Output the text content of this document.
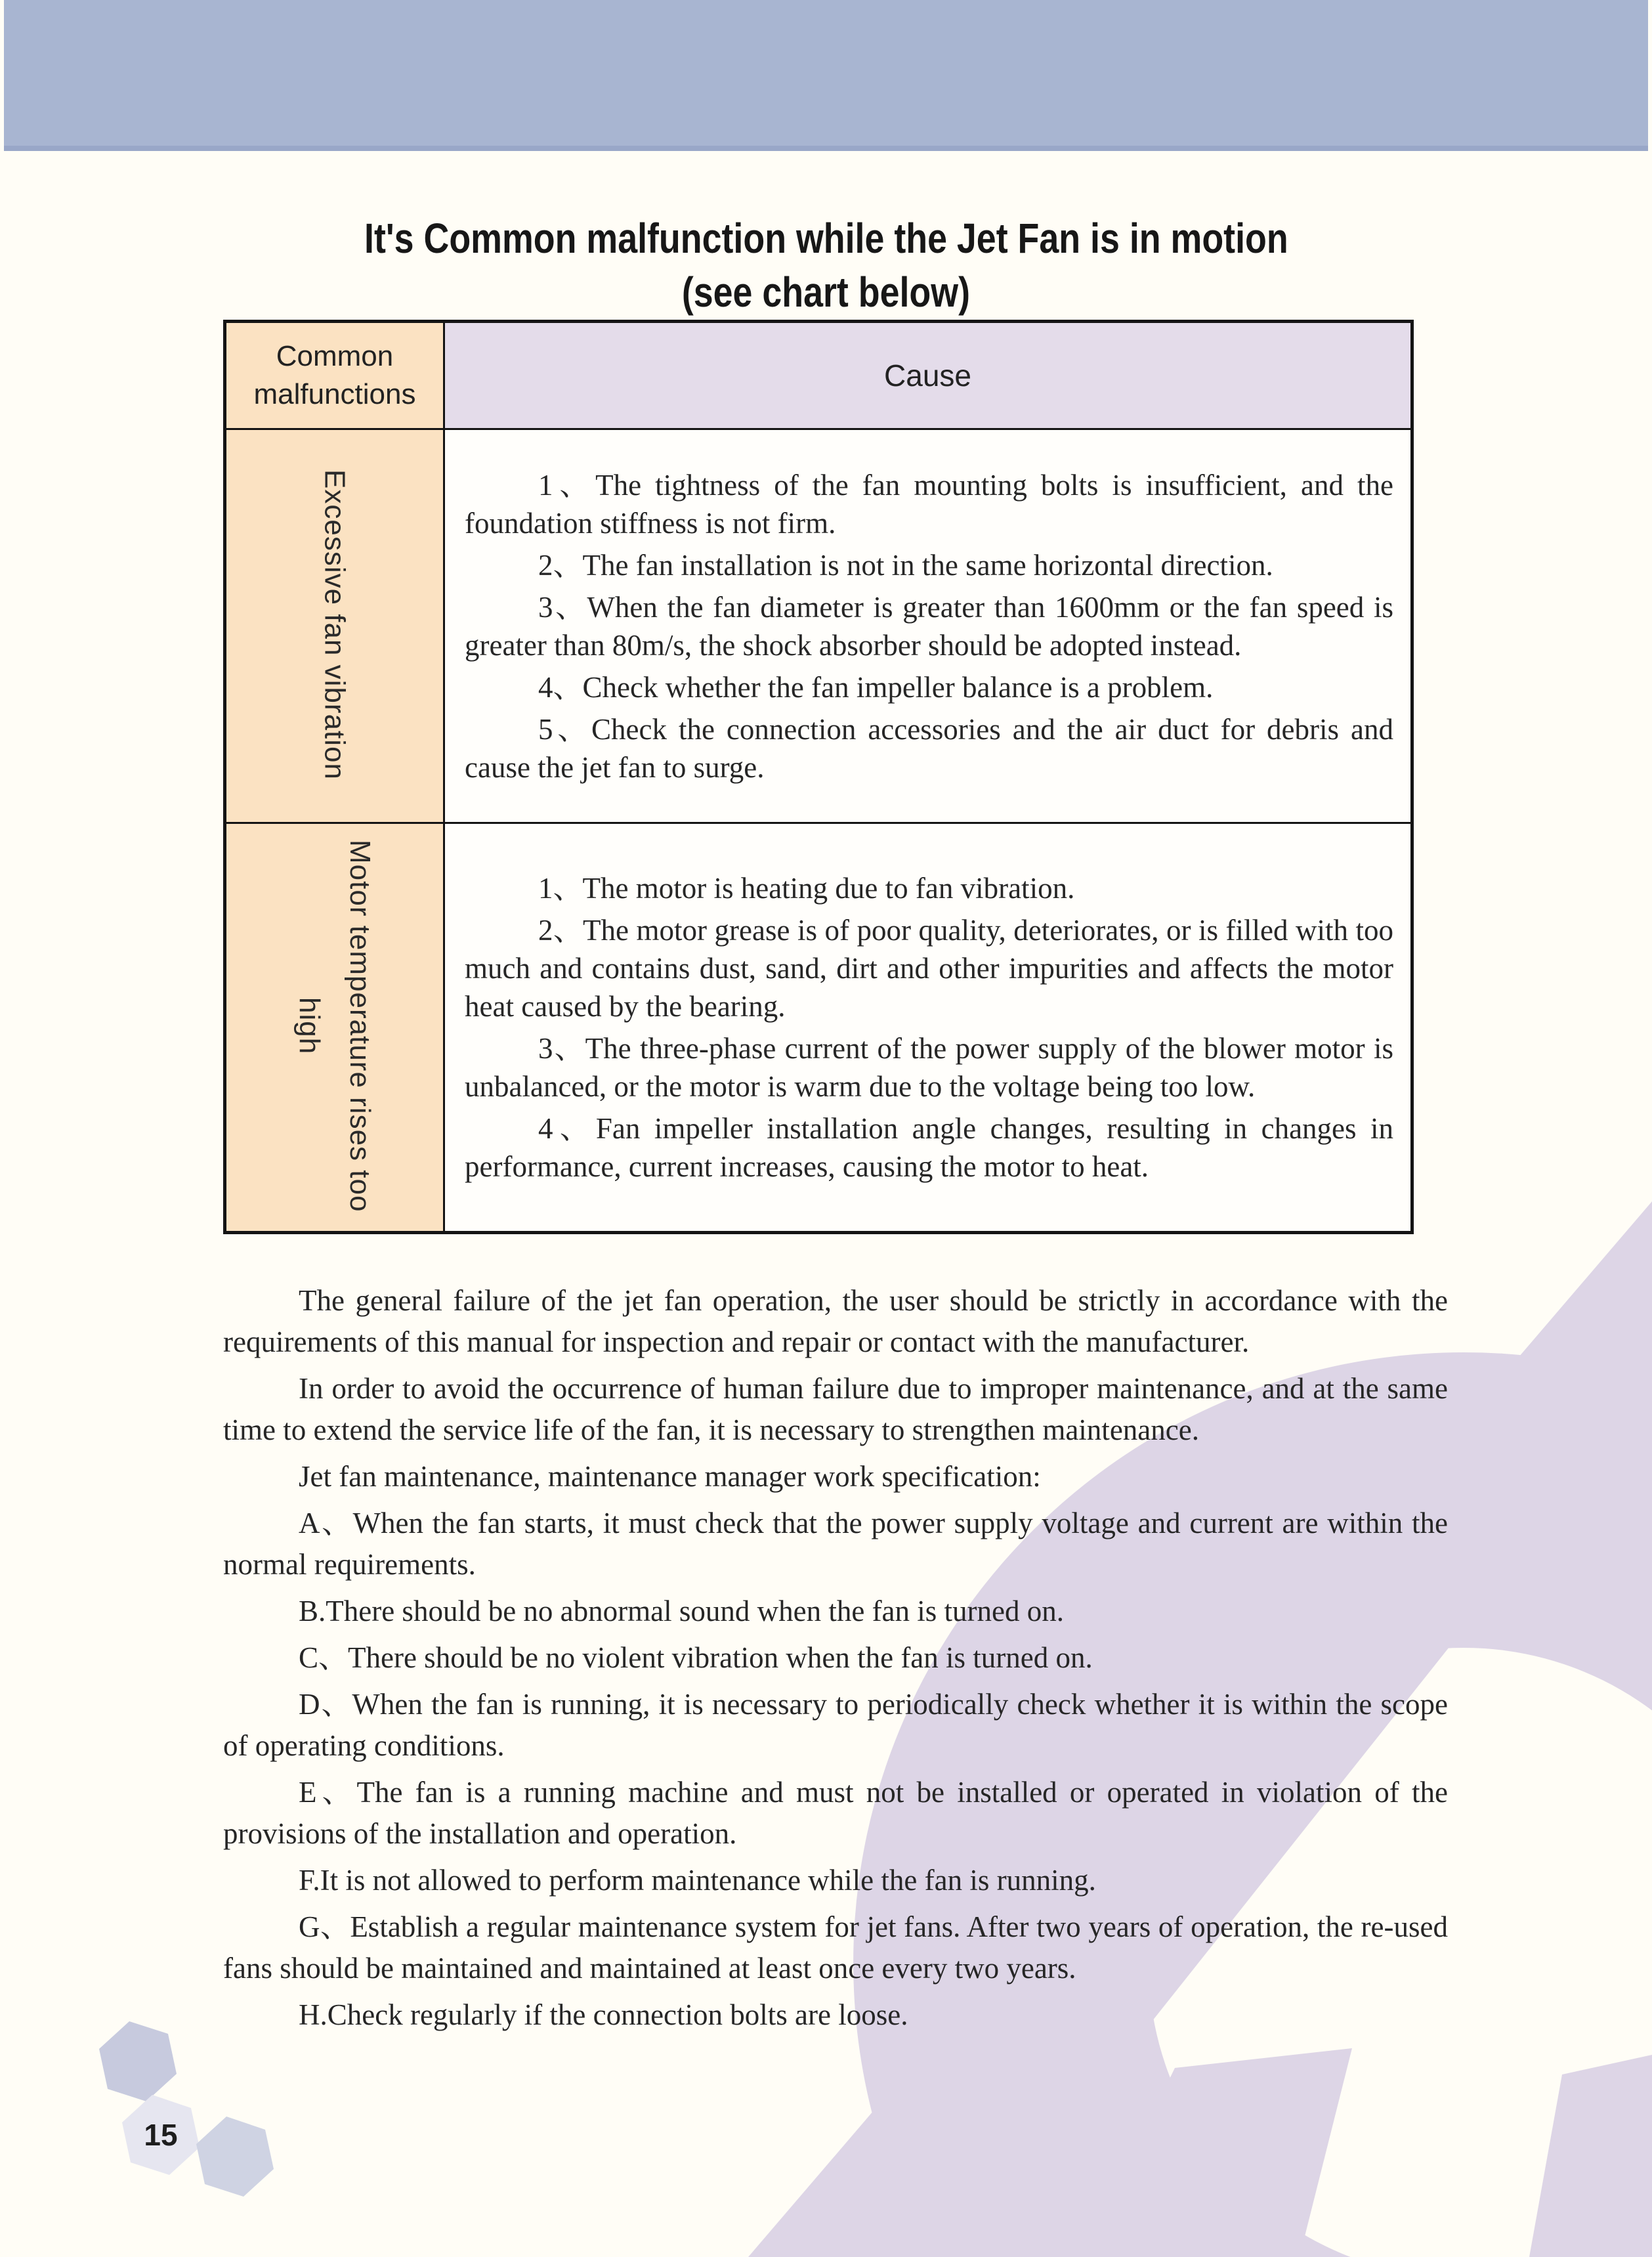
15
It's Common malfunction while the Jet Fan is in motion
(see chart below)
Common malfunctions	Cause
Excessive fan vibration	1、The tightness of the fan mounting bolts is insufficient, and the foundation stiffness is not firm.

2、The fan installation is not in the same horizontal direction.

3、When the fan diameter is greater than 1600mm or the fan speed is greater than 80m/s, the shock absorber should be adopted instead.

4、Check whether the fan impeller balance is a problem.

5、Check the connection accessories and the air duct for debris and cause the jet fan to surge.

Motor temperature rises too high	1、The motor is heating due to fan vibration.

2、The motor grease is of poor quality, deteriorates, or is filled with too much and contains dust, sand, dirt and other impurities and affects the motor heat caused by the bearing.

3、The three-phase current of the power supply of the blower motor is unbalanced, or the motor is warm due to the voltage being too low.

4、Fan impeller installation angle changes, resulting in changes in performance, current increases, causing the motor to heat.

The general failure of the jet fan operation, the user should be strictly in accordance with the requirements of this manual for inspection and repair or contact with the manufacturer.

In order to avoid the occurrence of human failure due to improper maintenance, and at the same time to extend the service life of the fan, it is necessary to strengthen maintenance.

Jet fan maintenance, maintenance manager work specification:

A、When the fan starts, it must check that the power supply voltage and current are within the normal requirements.

B.There should be no abnormal sound when the fan is turned on.

C、There should be no violent vibration when the fan is turned on.

D、When the fan is running, it is necessary to periodically check whether it is within the scope of operating conditions.

E、The fan is a running machine and must not be installed or operated in violation of the provisions of the installation and operation.

F.It is not allowed to perform maintenance while the fan is running.

G、Establish a regular maintenance system for jet fans. After two years of operation, the re-used fans should be maintained and maintained at least once every two years.

H.Check regularly if the connection bolts are loose.
